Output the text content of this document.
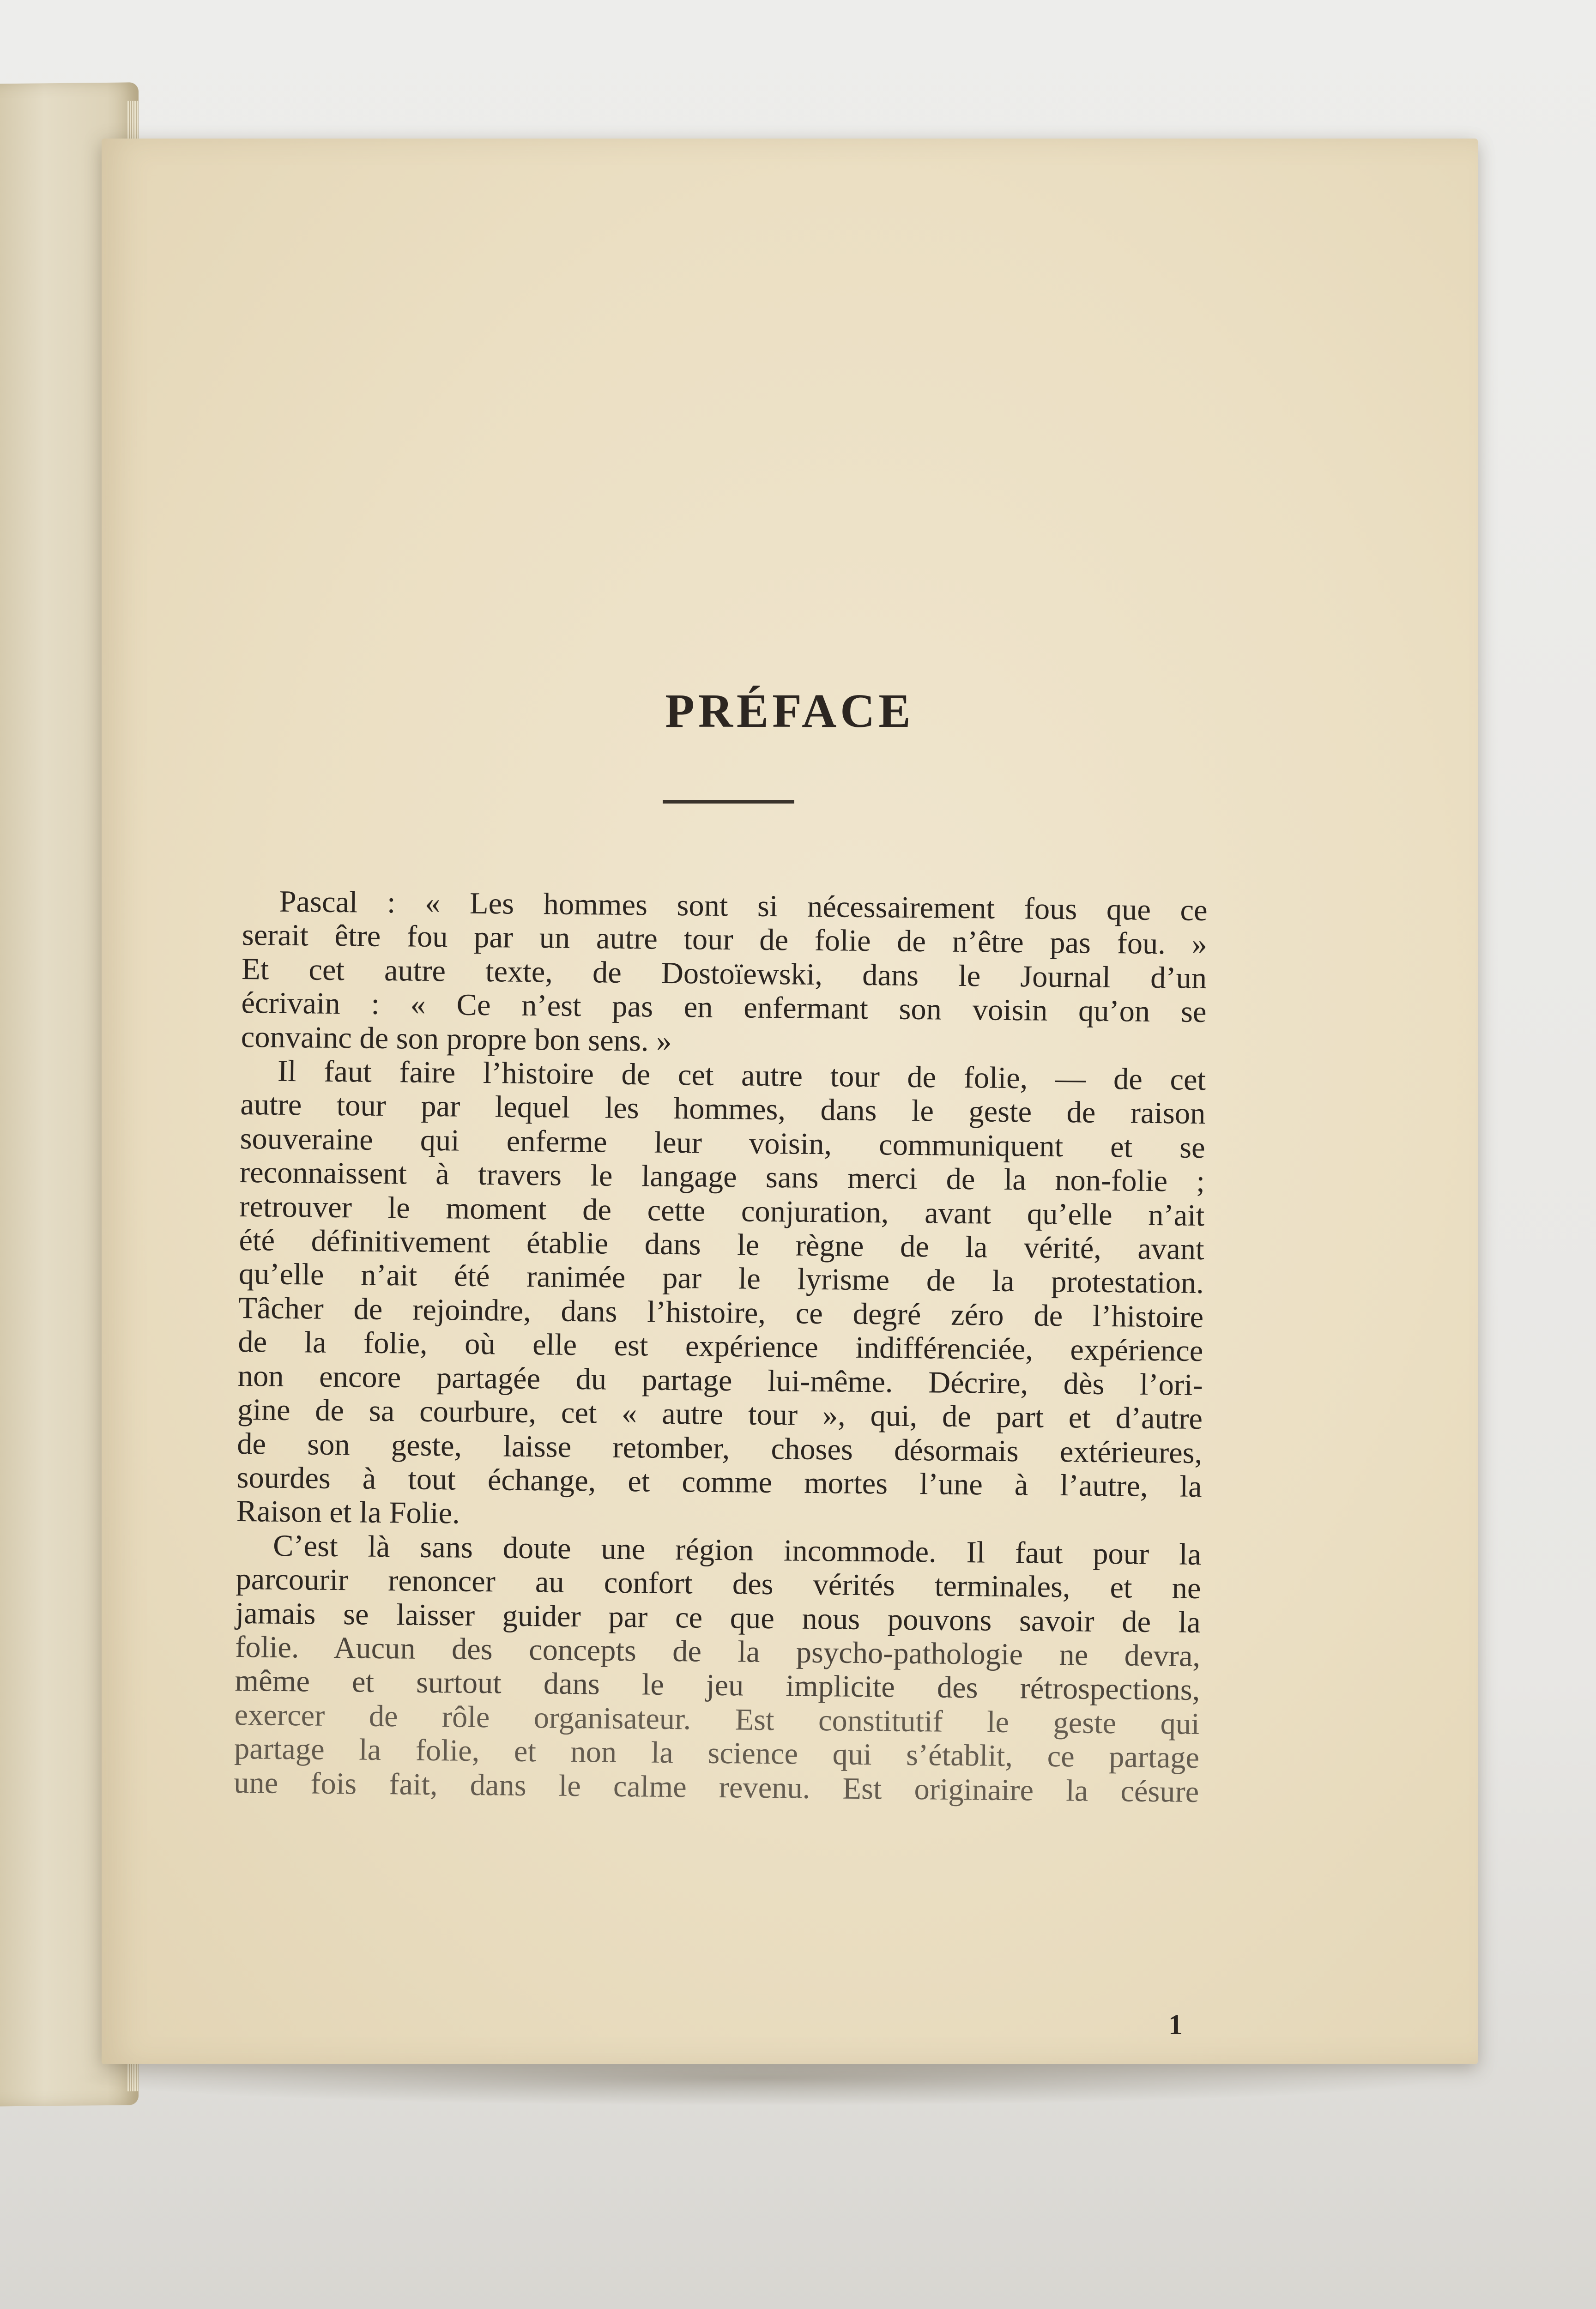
PRÉFACE
Pascal : « Les hommes sont si nécessairement fous que ce
serait être fou par un autre tour de folie de n’être pas fou. »
Et cet autre texte, de Dostoïewski, dans le Journal d’un
écrivain : « Ce n’est pas en enfermant son voisin qu’on se
convainc de son propre bon sens. »
Il faut faire l’histoire de cet autre tour de folie, — de cet
autre tour par lequel les hommes, dans le geste de raison
souveraine qui enferme leur voisin, communiquent et se
reconnaissent à travers le langage sans merci de la non-folie ;
retrouver le moment de cette conjuration, avant qu’elle n’ait
été définitivement établie dans le règne de la vérité, avant
qu’elle n’ait été ranimée par le lyrisme de la protestation.
Tâcher de rejoindre, dans l’histoire, ce degré zéro de l’histoire
de la folie, où elle est expérience indifférenciée, expérience
non encore partagée du partage lui-même. Décrire, dès l’ori-
gine de sa courbure, cet « autre tour », qui, de part et d’autre
de son geste, laisse retomber, choses désormais extérieures,
sourdes à tout échange, et comme mortes l’une à l’autre, la
Raison et la Folie.
C’est là sans doute une région incommode. Il faut pour la
parcourir renoncer au confort des vérités terminales, et ne
jamais se laisser guider par ce que nous pouvons savoir de la
folie. Aucun des concepts de la psycho-pathologie ne devra,
même et surtout dans le jeu implicite des rétrospections,
exercer de rôle organisateur. Est constitutif le geste qui
partage la folie, et non la science qui s’établit, ce partage
une fois fait, dans le calme revenu. Est originaire la césure
1
